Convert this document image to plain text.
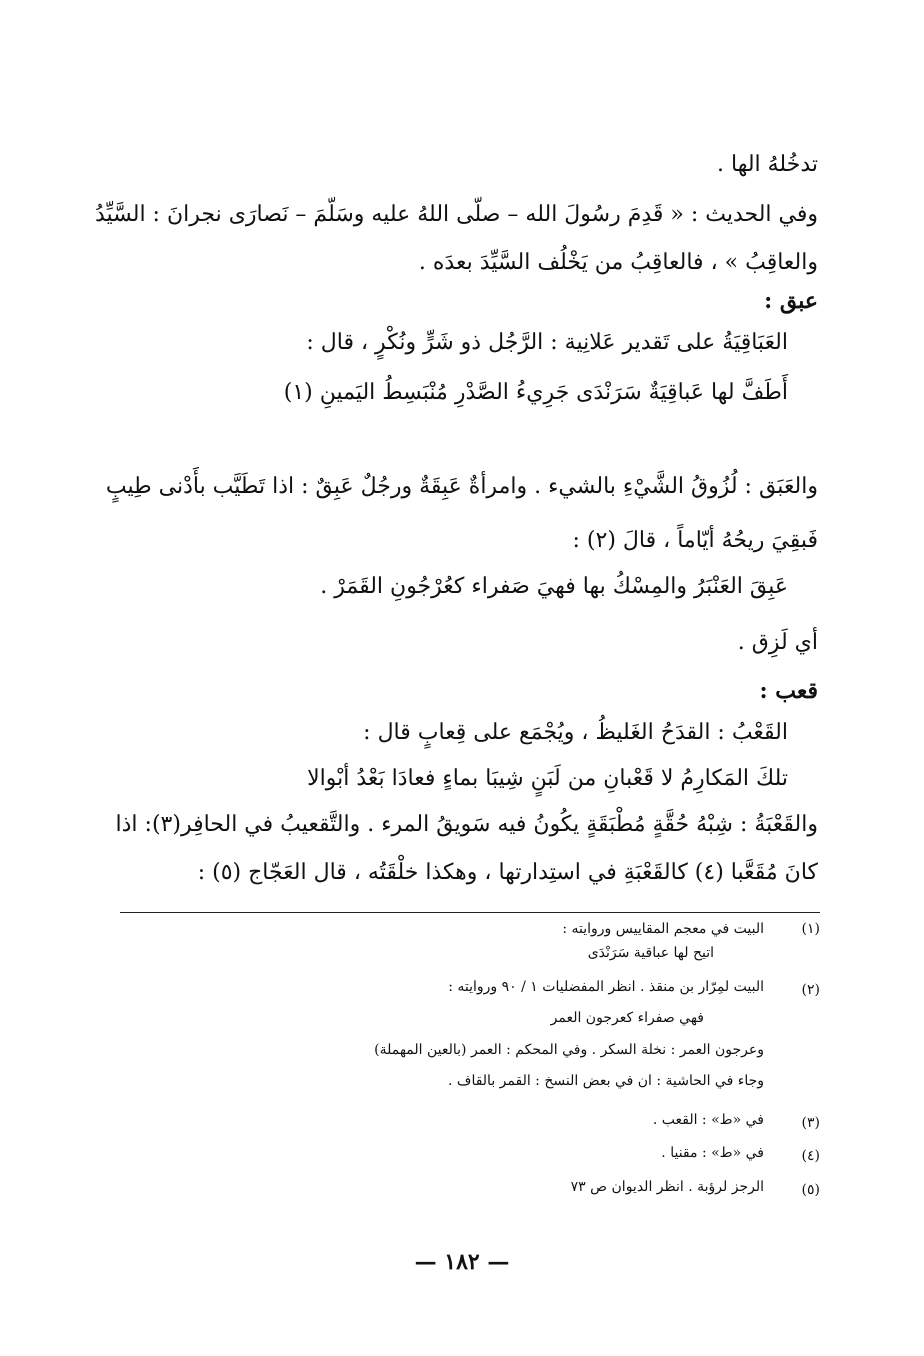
تدخُلهُ الها .
وفي الحديث : « قَدِمَ رسُولَ الله – صلّى اللهُ عليه وسَلّمَ – نَصارَى نجرانَ : السَّيِّدُ
والعاقِبُ » ، فالعاقِبُ من يَخْلُف السَّيِّدَ بعدَه .
عبق :
العَبَاقِيَةُ على تَقدير عَلانِية : الرَّجُل ذو شَرٍّ ونُكْرٍ ، قال :
أَطَفَّ لها عَباقِيَةٌ سَرَنْدَى جَرِيءُ الصَّدْرِ مُنْبَسِطُ اليَمينِ (١)
والعَبَق : لُزُوقُ الشَّيْءِ بالشيء . وامرأةٌ عَبِقَةٌ ورجُلٌ عَبِقٌ : اذا تَطَيَّب بأَدْنى طِيبٍ
فَبقِيَ ريحُهُ أيّاماً ، قالَ (٢) :
عَبِقَ العَنْبَرُ والمِسْكُ بها فهيَ صَفراء كعُرْجُونِ القَمَرْ .
أي لَزِق .
قعب :
القَعْبُ : القدَحُ الغَليظُ ، ويُجْمَع على قِعابٍ قال :
تلكَ المَكارِمُ لا قَعْبانِ من لَبَنٍ شِيبَا بماءٍ فعادَا بَعْدُ أبْوالا
والقَعْبَةُ : شِبْهُ حُقَّةٍ مُطْبَقَةٍ يكُونُ فيه سَويقُ المرء . والتَّقعيبُ في الحافِر(٣): اذا
كانَ مُقَعَّبا (٤) كالقَعْبَةِ في استِدارتها ، وهكذا خلْقَتُه ، قال العَجّاج (٥) :
(١)
البيت في معجم المقاييس وروايته :
اتيح لها عباقية سَرَنْدَى
(٢)
البيت لمِرّار بن منقذ . انظر المفضليات ١ / ٩٠ وروايته :
فهي صفراء كعرجون العمر
وعرجون العمر : نخلة السكر . وفي المحكم : العمر (بالعين المهملة)
وجاء في الحاشية : ان في بعض النسخ : القمر بالقاف .
(٣)
في «ط» : القعب .
(٤)
في «ط» : مقنيا .
(٥)
الرجز لرؤبة . انظر الديوان ص ٧٣
— ١٨٢ —
